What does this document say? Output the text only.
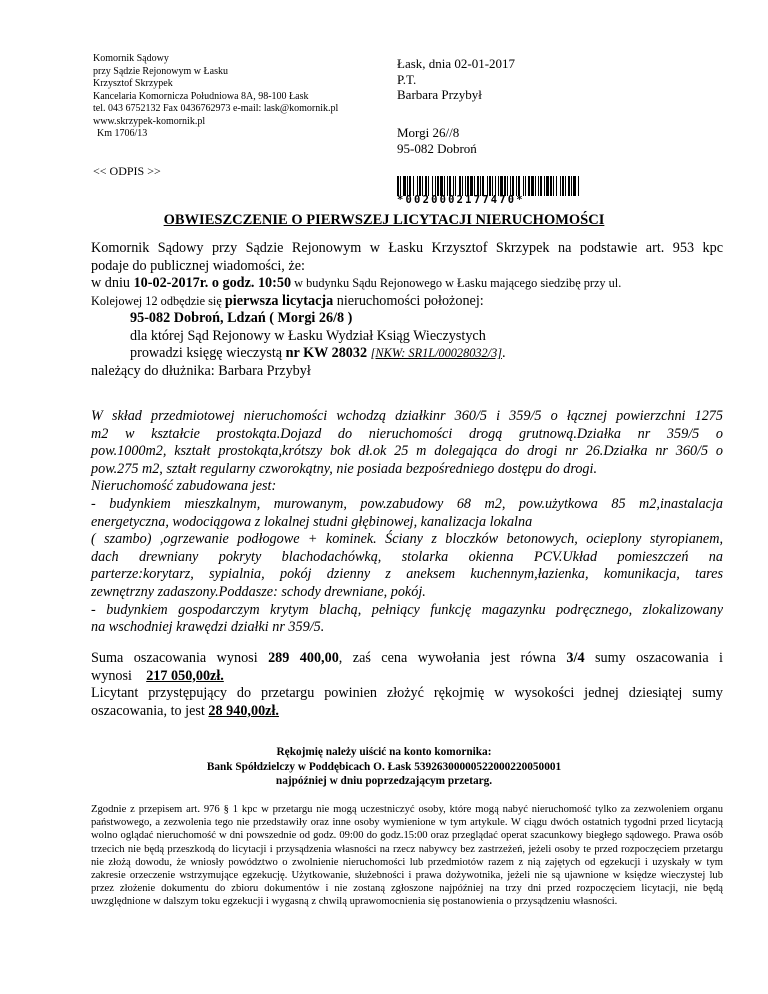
Komornik Sądowy
przy Sądzie Rejonowym w Łasku
Krzysztof Skrzypek
Kancelaria Komornicza Południowa 8A, 98-100 Łask
tel. 043 6752132 Fax 0436762973 e-mail: lask@komornik.pl
www.skrzypek-komornik.pl
Km 1706/13
Łask, dnia 02-01-2017
P.T.
Barbara Przybył
Morgi 26//8
95-082 Dobroń
<< ODPIS >>
*0020002177470*
OBWIESZCZENIE O PIERWSZEJ LICYTACJI NIERUCHOMOŚCI
Komornik Sądowy przy Sądzie Rejonowym w Łasku Krzysztof Skrzypek na podstawie art. 953 kpc
podaje do publicznej wiadomości, że:
w dniu 10-02-2017r. o godz. 10:50 w budynku Sądu Rejonowego w Łasku mającego siedzibę przy ul.
Kolejowej 12 odbędzie się pierwsza licytacja nieruchomości położonej:
95-082 Dobroń, Ldzań ( Morgi 26/8 )
dla której Sąd Rejonowy w Łasku Wydział Ksiąg Wieczystych
prowadzi księgę wieczystą nr KW 28032 [NKW: SR1L/00028032/3].
należący do dłużnika: Barbara Przybył
W skład przedmiotowej nieruchomości wchodzą działkinr 360/5 i 359/5 o łącznej powierzchni 1275
m2 w kształcie prostokąta.Dojazd do nieruchomości drogą grutnową.Działka nr 359/5 o
pow.1000m2, kształt prostokąta,krótszy bok dł.ok 25 m dolegająca do drogi nr 26.Działka nr 360/5 o
pow.275 m2, ształt regularny czworokątny, nie posiada bezpośredniego dostępu do drogi.
Nieruchomość zabudowana jest:
- budynkiem mieszkalnym, murowanym, pow.zabudowy 68 m2, pow.użytkowa 85 m2,inastalacja
energetyczna, wodociągowa z lokalnej studni głębinowej, kanalizacja lokalna
( szambo) ,ogrzewanie podłogowe + kominek. Ściany z bloczków betonowych, ocieplony styropianem,
dach drewniany pokryty blachodachówką, stolarka okienna PCV.Układ pomieszczeń na
parterze:korytarz, sypialnia, pokój dzienny z aneksem kuchennym,łazienka, komunikacja, tares
zewnętrzny zadaszony.Poddasze: schody drewniane, pokój.
- budynkiem gospodarczym krytym blachą, pełniący funkcję magazynku podręcznego, zlokalizowany
na wschodniej krawędzi działki nr 359/5.
Suma oszacowania wynosi 289 400,00, zaś cena wywołania jest równa 3/4 sumy oszacowania i
wynosi    217 050,00zł.
Licytant przystępujący do przetargu powinien złożyć rękojmię w wysokości jednej dziesiątej sumy
oszacowania, to jest 28 940,00zł.
Rękojmię należy uiścić na konto komornika:
Bank Spółdzielczy w Poddębicach O. Łask 53926300000522000220050001
najpóźniej w dniu poprzedzającym przetarg.
Zgodnie z przepisem art. 976 § 1 kpc w przetargu nie mogą uczestniczyć osoby, które mogą nabyć nieruchomość tylko za zezwoleniem organu państwowego, a zezwolenia tego nie przedstawiły oraz inne osoby wymienione w tym artykule. W ciągu dwóch ostatnich tygodni przed licytacją wolno oglądać nieruchomość w dni powszednie od godz. 09:00 do godz.15:00 oraz przeglądać operat szacunkowy biegłego sądowego. Prawa osób trzecich nie będą przeszkodą do licytacji i przysądzenia własności na rzecz nabywcy bez zastrzeżeń, jeżeli osoby te przed rozpoczęciem przetargu nie złożą dowodu, że wniosły powództwo o zwolnienie nieruchomości lub przedmiotów razem z nią zajętych od egzekucji i uzyskały w tym zakresie orzeczenie wstrzymujące egzekucję. Użytkowanie, służebności i prawa dożywotnika, jeżeli nie są ujawnione w księdze wieczystej lub przez złożenie dokumentu do zbioru dokumentów i nie zostaną zgłoszone najpóźniej na trzy dni przed rozpoczęciem licytacji, nie będą uwzględnione w dalszym toku egzekucji i wygasną z chwilą uprawomocnienia się postanowienia o przysądzeniu własności.
